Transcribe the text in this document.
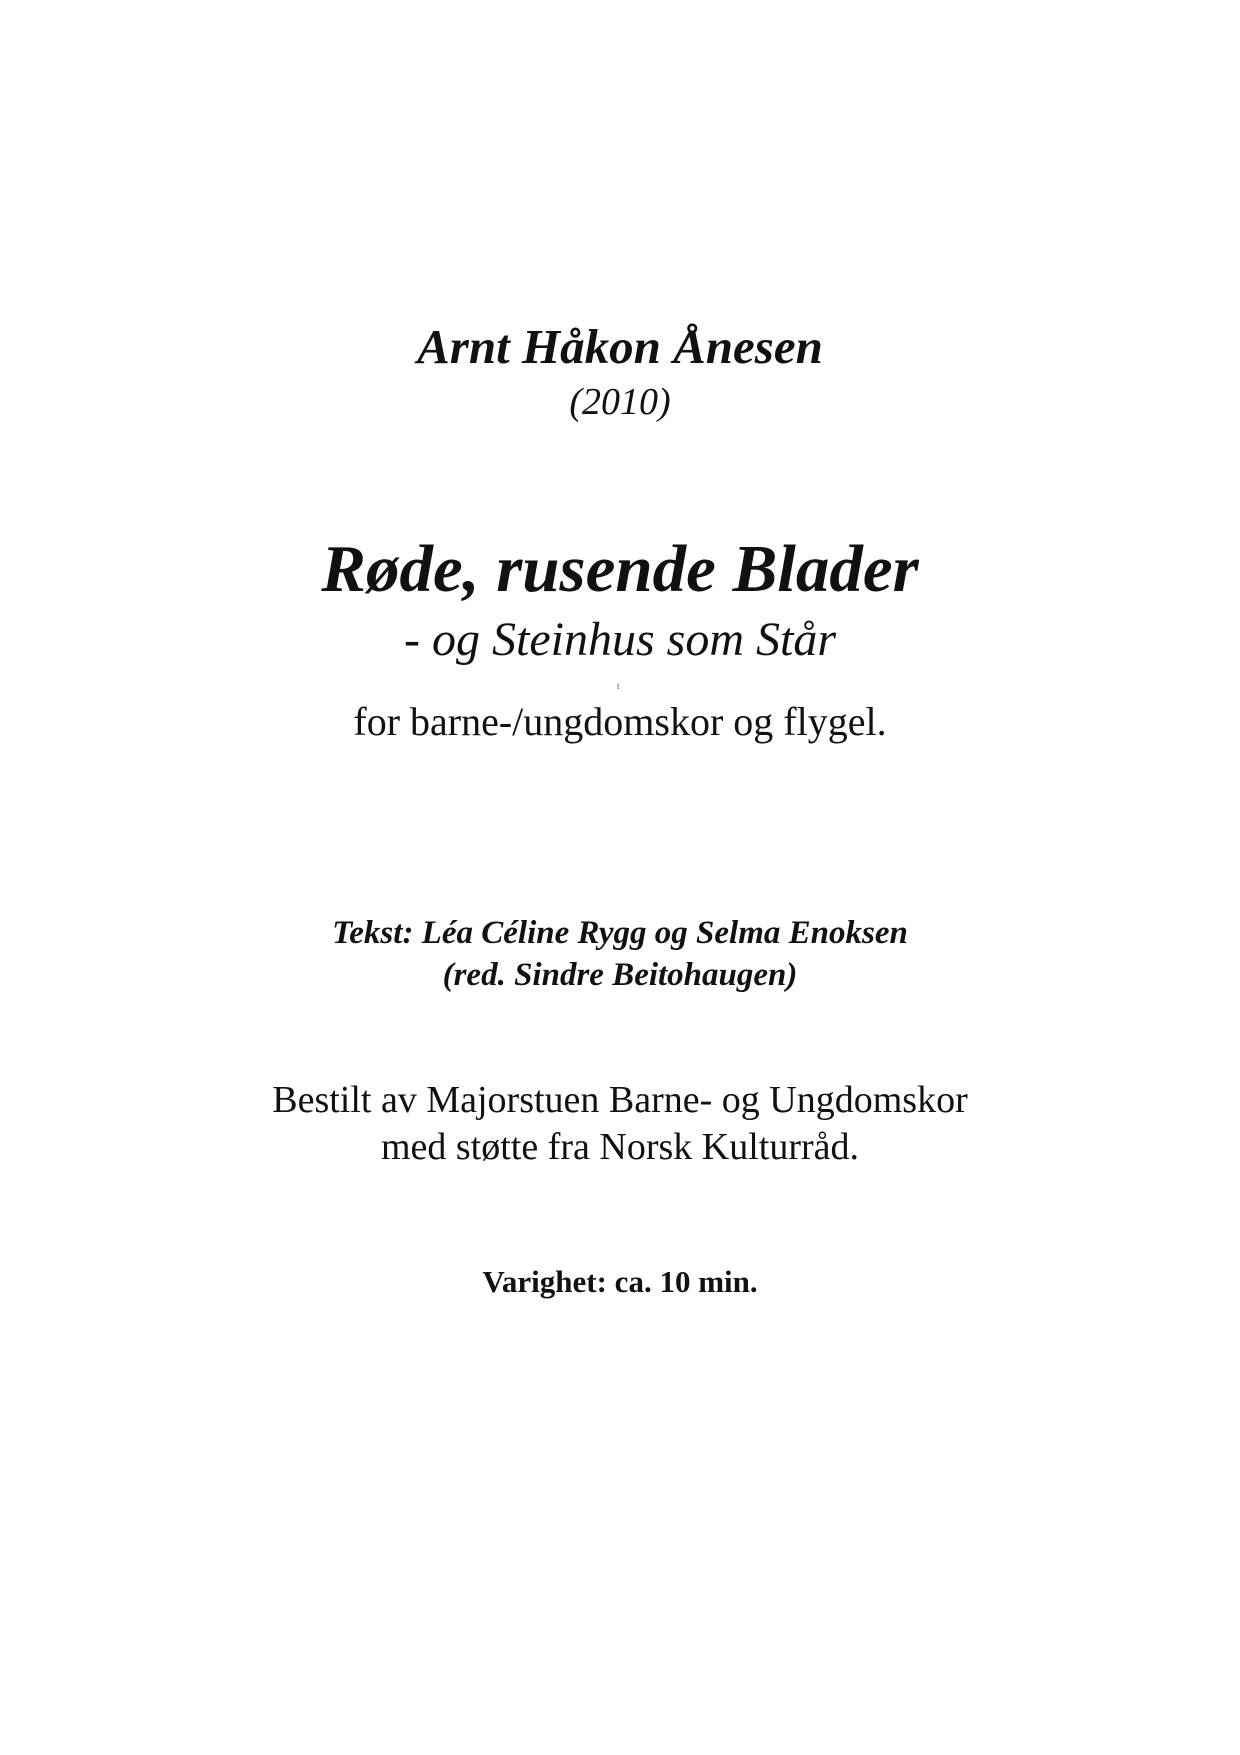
Arnt Håkon Ånesen
(2010)
Røde, rusende Blader
- og Steinhus som Står
t
for barne-/ungdomskor og flygel.
Tekst: Léa Céline Rygg og Selma Enoksen
(red. Sindre Beitohaugen)
Bestilt av Majorstuen Barne- og Ungdomskor
med støtte fra Norsk Kulturråd.
Varighet: ca. 10 min.
